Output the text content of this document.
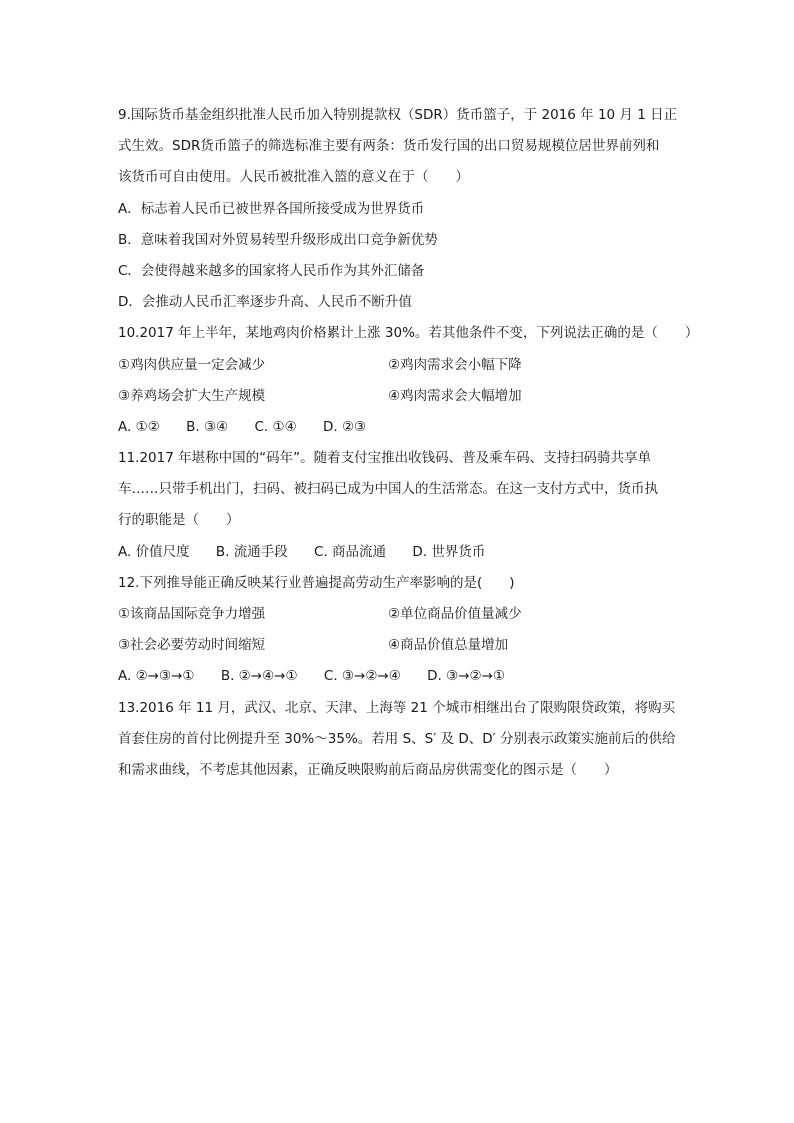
9.国际货币基金组织批准人民币加入特别提款权（SDR）货币篮子，于 2016 年 10 月 1 日正
式生效。SDR货币篮子的筛选标准主要有两条：货币发行国的出口贸易规模位居世界前列和
该货币可自由使用。人民币被批准入篮的意义在于（　　）
A．标志着人民币已被世界各国所接受成为世界货币
B．意味着我国对外贸易转型升级形成出口竞争新优势
C．会使得越来越多的国家将人民币作为其外汇储备
D．会推动人民币汇率逐步升高、人民币不断升值
10.2017 年上半年，某地鸡肉价格累计上涨 30%。若其他条件不变，下列说法正确的是（　　）
①鸡肉供应量一定会减少	②鸡肉需求会小幅下降
③养鸡场会扩大生产规模	④鸡肉需求会大幅增加
A. ①② B. ③④ C. ①④ D. ②③
11.2017 年堪称中国的“码年”。随着支付宝推出收钱码、普及乘车码、支持扫码骑共享单
车……只带手机出门，扫码、被扫码已成为中国人的生活常态。在这一支付方式中，货币执
行的职能是（　　）
A. 价值尺度 B. 流通手段 C. 商品流通 D. 世界货币
12.下列推导能正确反映某行业普遍提高劳动生产率影响的是(　　)
①该商品国际竞争力增强	②单位商品价值量减少
③社会必要劳动时间缩短	④商品价值总量增加
A. ②→③→① B. ②→④→① C. ③→②→④ D. ③→②→①
13.2016 年 11 月，武汉、北京、天津、上海等 21 个城市相继出台了限购限贷政策，将购买
首套住房的首付比例提升至 30%～35%。若用 S、S′ 及 D、D′ 分别表示政策实施前后的供给
和需求曲线，不考虑其他因素，正确反映限购前后商品房供需变化的图示是（　　）
